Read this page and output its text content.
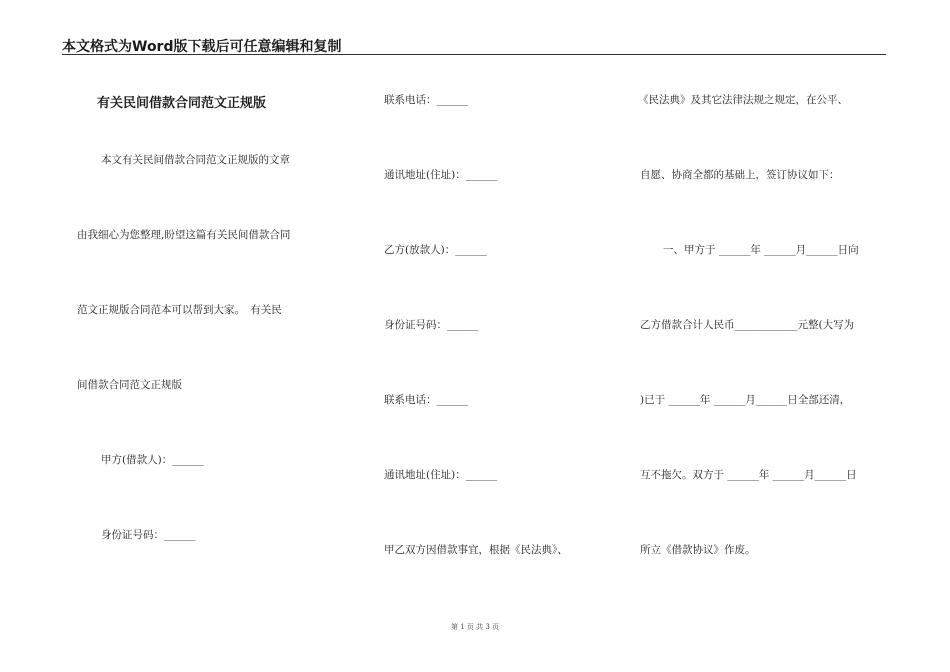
本文格式为Word版下载后可任意编辑和复制
有关民间借款合同范文正规版
本文有关民间借款合同范文正规版的文章
由我细心为您整理,盼望这篇有关民间借款合同
范文正规版合同范本可以帮到大家。　有关民
间借款合同范文正规版
甲方(借款人)：______
身份证号码：______
联系电话：______
通讯地址(住址)：______
乙方(放款人)：______
身份证号码：______
联系电话：______
通讯地址(住址)：______
甲乙双方因借款事宜，根据《民法典》、
《民法典》及其它法律法规之规定，在公平、
自愿、协商全都的基础上，签订协议如下：
一、甲方于 ______年 ______月______日向
乙方借款合计人民币____________元整(大写为
)已于 ______年 ______月______日全部还清，
互不拖欠。双方于 ______年 ______月______日
所立《借款协议》作废。
第 1 页 共 3 页
